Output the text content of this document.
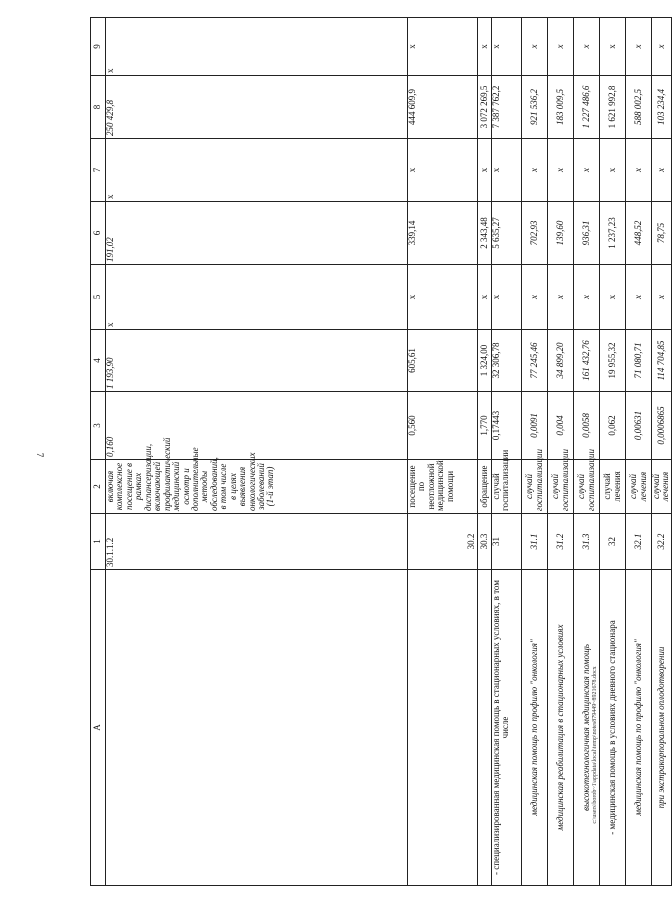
7
c:\users\borob~1\appdata\local\temp\notes879449~8921678.docx
А	1	2	3	4	5	6	7	8	9
	30.1.1.2	включая комплексное посещение в рамках диспансеризации, включающей профилактический медицинский осмотр и дополнительные методы обследований, в том числе в целях выявления онкологических заболеваний (1-й этап)	0,160	1 193,90	x	191,02	x	250 429,8	x
	30.2	посещение по неотложной медицинской помощи	0,560	605,61	x	339,14	x	444 609,9	x
	30.3	обращение	1,770	1 324,00	x	2 343,48	x	3 072 269,5	x
- специализированная медицинская помощь в стационарных условиях, в том числе	31	случай госпитализации	0,17443	32 306,78	x	5 635,27	x	7 387 762,2	x
медицинская помощь по профилю "онкология"	31.1	случай госпитализации	0,0091	77 245,46	x	702,93	x	921 536,2	x
медицинская реабилитация в стационарных условиях	31.2	случай госпитализации	0,004	34 899,20	x	139,60	x	183 009,5	x
высокотехнологичная медицинская помощь	31.3	случай госпитализации	0,0058	161 432,76	x	936,31	x	1 227 486,6	x
- медицинская помощь в условиях дневного стационара	32	случай лечения	0,062	19 955,32	x	1 237,23	x	1 621 992,8	x
медицинская помощь по профилю "онкология"	32.1	случай лечения	0,00631	71 080,71	x	448,52	x	588 002,5	x
при экстракорпоральном оплодотворении	32.2	случай лечения	0,0006865	114 704,85	x	78,75	x	103 234,4	x
